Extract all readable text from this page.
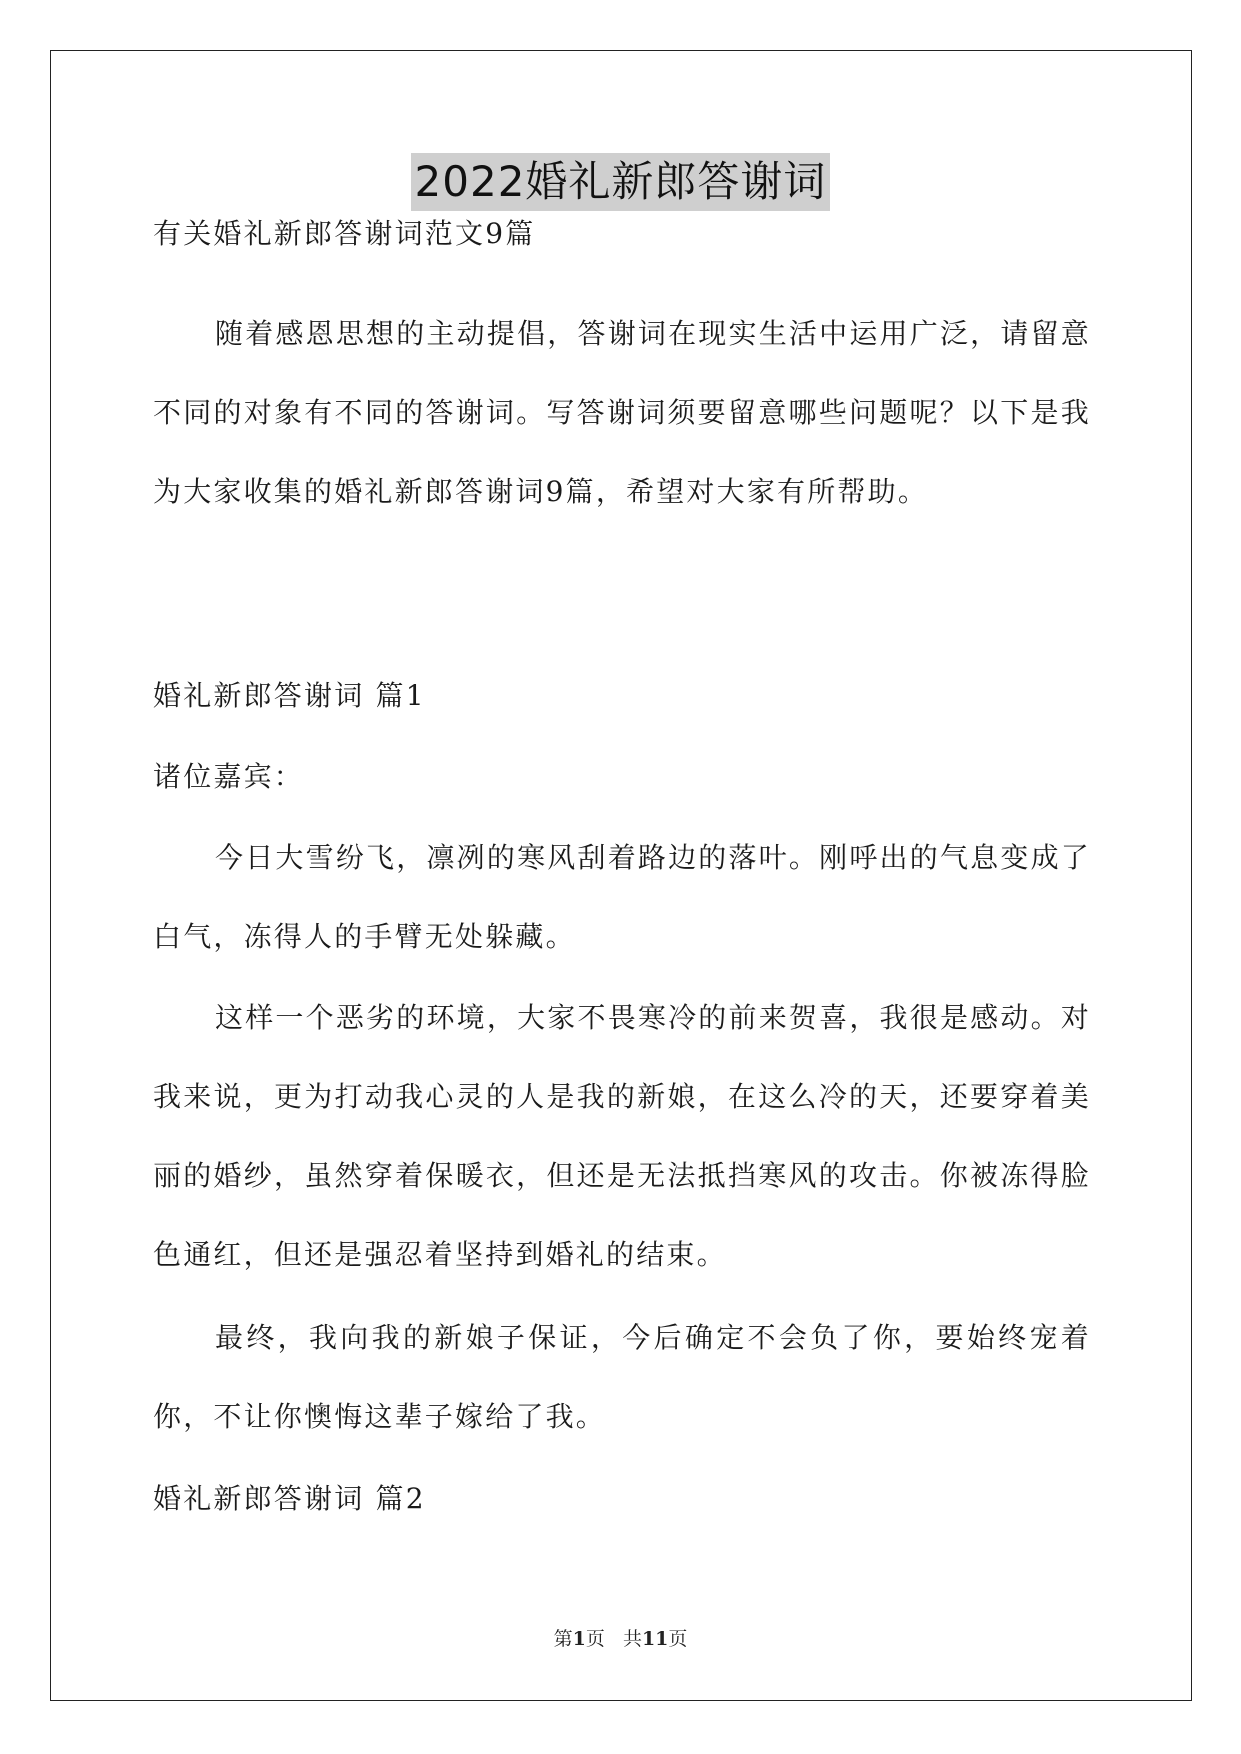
2022婚礼新郎答谢词
有关婚礼新郎答谢词范文9篇
随着感恩思想的主动提倡，答谢词在现实生活中运用广泛，请留意不同的对象有不同的答谢词。写答谢词须要留意哪些问题呢？以下是我为大家收集的婚礼新郎答谢词9篇，希望对大家有所帮助。
婚礼新郎答谢词 篇1
诸位嘉宾：
今日大雪纷飞，凛冽的寒风刮着路边的落叶。刚呼出的气息变成了白气，冻得人的手臂无处躲藏。
这样一个恶劣的环境，大家不畏寒冷的前来贺喜，我很是感动。对我来说，更为打动我心灵的人是我的新娘，在这么冷的天，还要穿着美丽的婚纱，虽然穿着保暖衣，但还是无法抵挡寒风的攻击。你被冻得脸色通红，但还是强忍着坚持到婚礼的结束。
最终，我向我的新娘子保证，今后确定不会负了你，要始终宠着你，不让你懊悔这辈子嫁给了我。
婚礼新郎答谢词 篇2
第1页   共11页
